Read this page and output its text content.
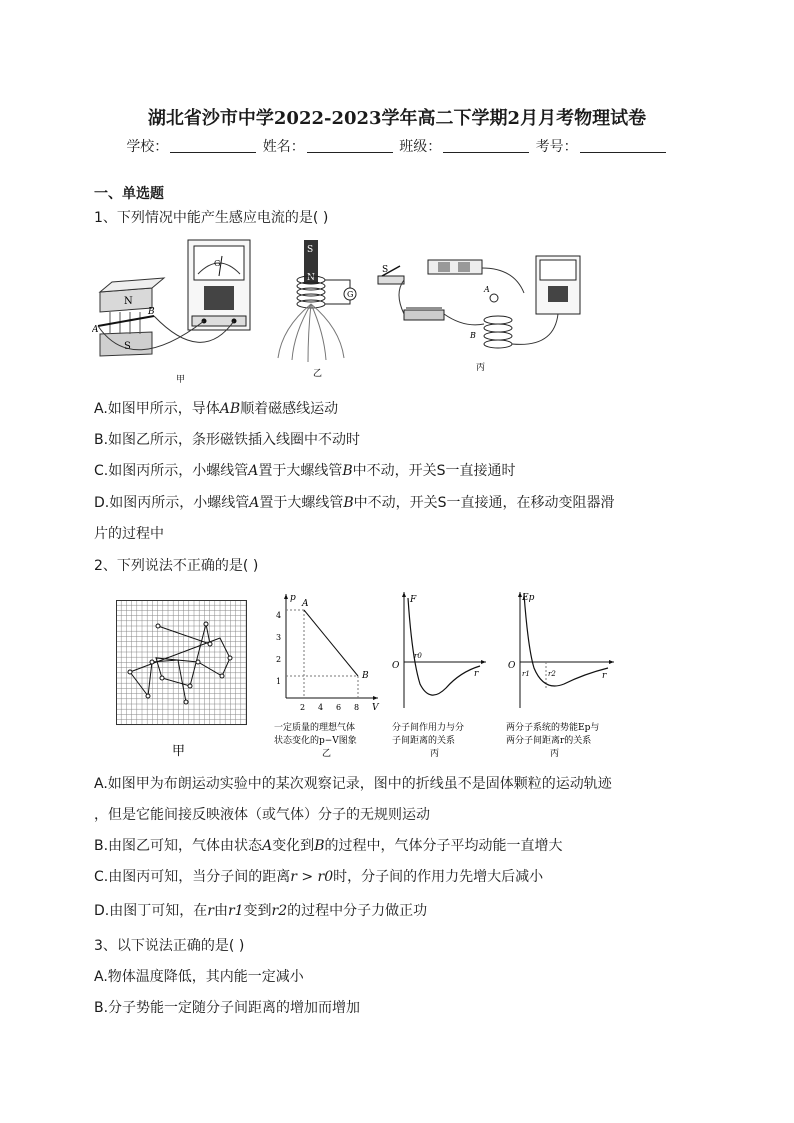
湖北省沙市中学2022-2023学年高二下学期2月月考物理试卷
学校：	姓名：	班级：	考号：
一、单选题
1、下列情况中能产生感应电流的是( )
N
S
A
B
G
甲
S
N
G
乙
S
A
B
丙
A.如图甲所示，导体AB顺着磁感线运动
B.如图乙所示，条形磁铁插入线圈中不动时
C.如图丙所示，小螺线管A置于大螺线管B中不动，开关S一直接通时
D.如图丙所示，小螺线管A置于大螺线管B中不动，开关S一直接通，在移动变阻器滑
片的过程中
2、下列说法不正确的是( )
甲
p
V
4
3
2
1
2 4 6 8
A
B
一定质量的理想气体
状态变化的p−V图象
乙
F
O
r
r0
分子间作用力与分
子间距离的关系
丙
Ep
O
r
r1	r2
两分子系统的势能Ep与
两分子间距离r的关系
丙
A.如图甲为布朗运动实验中的某次观察记录，图中的折线虽不是固体颗粒的运动轨迹
，但是它能间接反映液体（或气体）分子的无规则运动
B.由图乙可知，气体由状态A变化到B的过程中，气体分子平均动能一直增大
C.由图丙可知，当分子间的距离r > r0时，分子间的作用力先增大后减小
D.由图丁可知，在r由r1变到r2的过程中分子力做正功
3、以下说法正确的是( )
A.物体温度降低，其内能一定减小
B.分子势能一定随分子间距离的增加而增加
